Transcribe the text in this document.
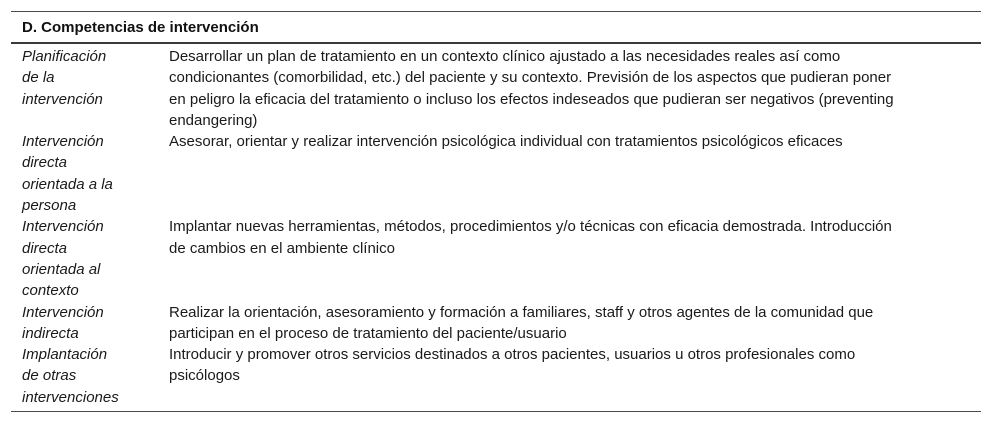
D. Competencias de intervención
Planificación
de la
intervención
Desarrollar un plan de tratamiento en un contexto clínico ajustado a las necesidades reales así como
condicionantes (comorbilidad, etc.) del paciente y su contexto. Previsión de los aspectos que pudieran poner
en peligro la eficacia del tratamiento o incluso los efectos indeseados que pudieran ser negativos (preventing
endangering)
Intervención
directa
orientada a la
persona
Asesorar, orientar y realizar intervención psicológica individual con tratamientos psicológicos eficaces
Intervención
directa
orientada al
contexto
Implantar nuevas herramientas, métodos, procedimientos y/o técnicas con eficacia demostrada. Introducción
de cambios en el ambiente clínico
Intervención
indirecta
Realizar la orientación, asesoramiento y formación a familiares, staff y otros agentes de la comunidad que
participan en el proceso de tratamiento del paciente/usuario
Implantación
de otras
intervenciones
Introducir y promover otros servicios destinados a otros pacientes, usuarios u otros profesionales como
psicólogos
